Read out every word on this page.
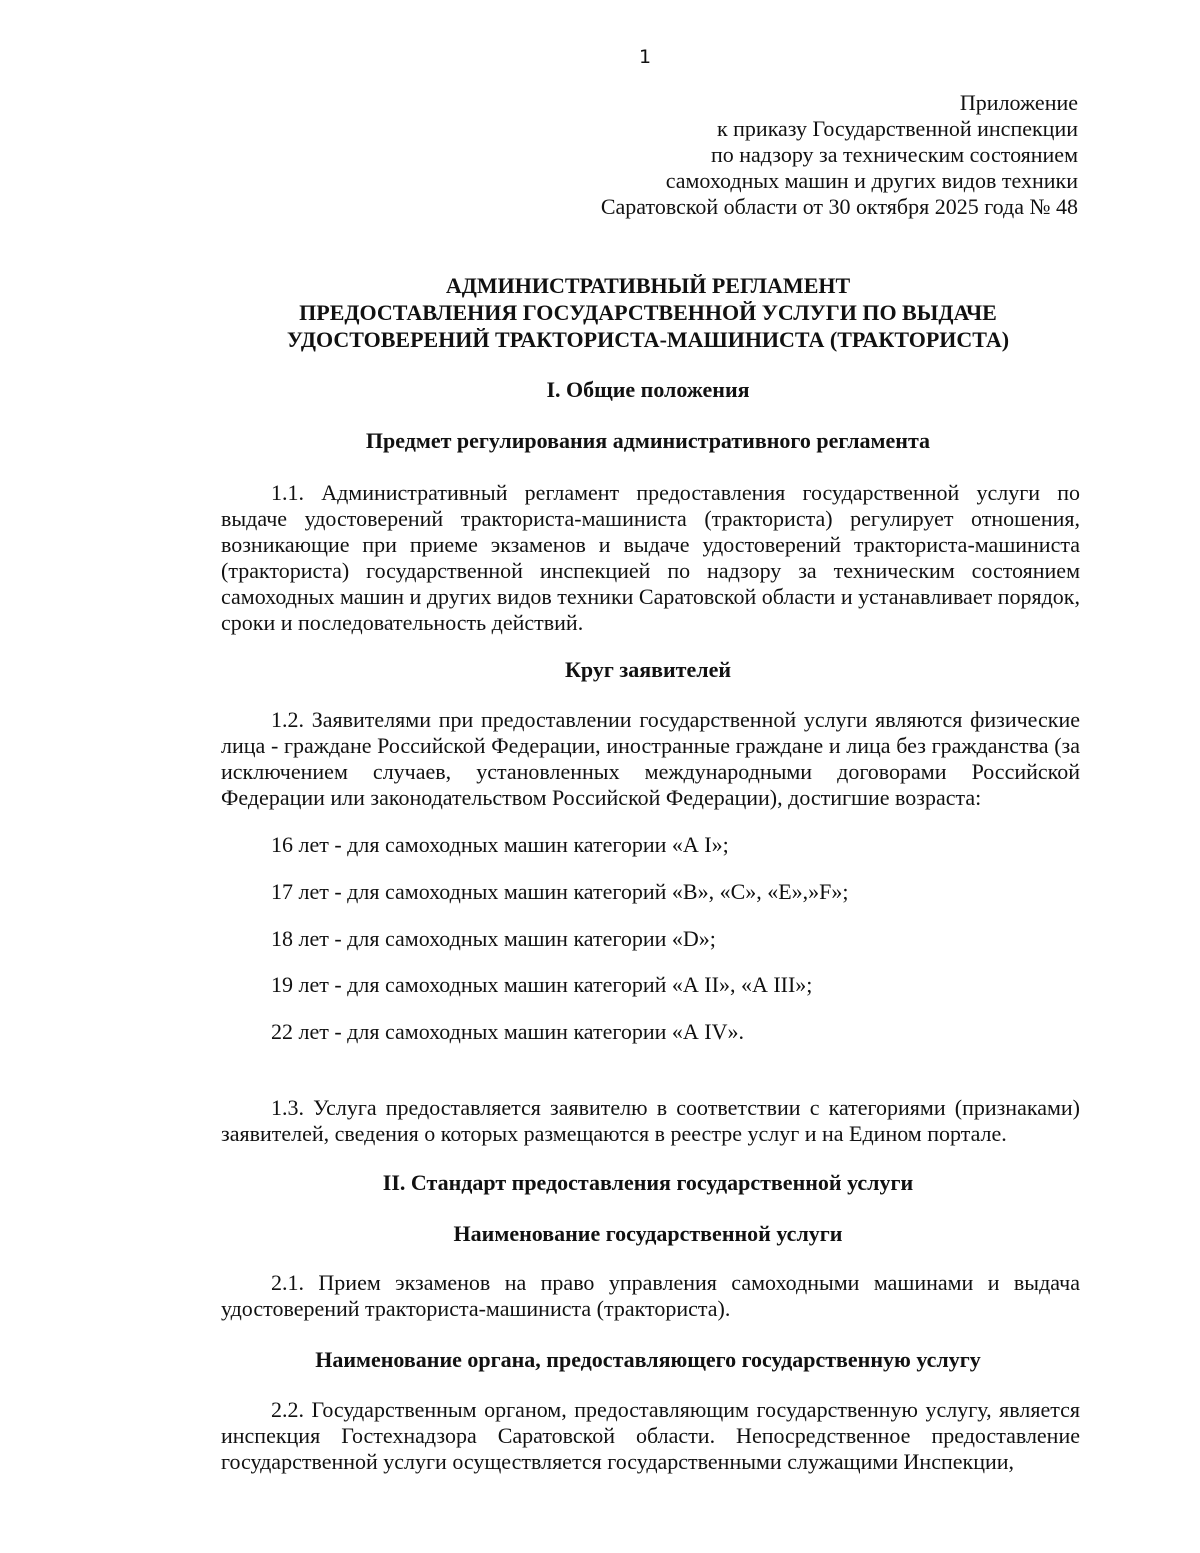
1
Приложение
к приказу Государственной инспекции
по надзору за техническим состоянием
самоходных машин и других видов техники
Саратовской области от 30 октября 2025 года № 48
АДМИНИСТРАТИВНЫЙ РЕГЛАМЕНТ
ПРЕДОСТАВЛЕНИЯ ГОСУДАРСТВЕННОЙ УСЛУГИ ПО ВЫДАЧЕ
УДОСТОВЕРЕНИЙ ТРАКТОРИСТА-МАШИНИСТА (ТРАКТОРИСТА)
I. Общие положения
Предмет регулирования административного регламента
1.1. Административный регламент предоставления государственной услуги по выдаче удостоверений тракториста-машиниста (тракториста) регулирует отношения, возникающие при приеме экзаменов и выдаче удостоверений тракториста-машиниста (тракториста) государственной инспекцией по надзору за техническим состоянием самоходных машин и других видов техники Саратовской области и устанавливает порядок, сроки и последовательность действий.
Круг заявителей
1.2. Заявителями при предоставлении государственной услуги являются физические лица - граждане Российской Федерации, иностранные граждане и лица без гражданства (за исключением случаев, установленных международными договорами Российской Федерации или законодательством Российской Федерации), достигшие возраста:
16 лет - для самоходных машин категории «А I»;
17 лет - для самоходных машин категорий «В», «С», «Е»,»F»;
18 лет - для самоходных машин категории «D»;
19 лет - для самоходных машин категорий «А II», «А III»;
22 лет - для самоходных машин категории «А IV».
1.3. Услуга предоставляется заявителю в соответствии с категориями (признаками) заявителей, сведения о которых размещаются в реестре услуг и на Едином портале.
II. Стандарт предоставления государственной услуги
Наименование государственной услуги
2.1. Прием экзаменов на право управления самоходными машинами и выдача удостоверений тракториста-машиниста (тракториста).
Наименование органа, предоставляющего государственную услугу
2.2. Государственным органом, предоставляющим государственную услугу, является инспекция Гостехнадзора Саратовской области. Непосредственное предоставление государственной услуги осуществляется государственными служащими Инспекции,
